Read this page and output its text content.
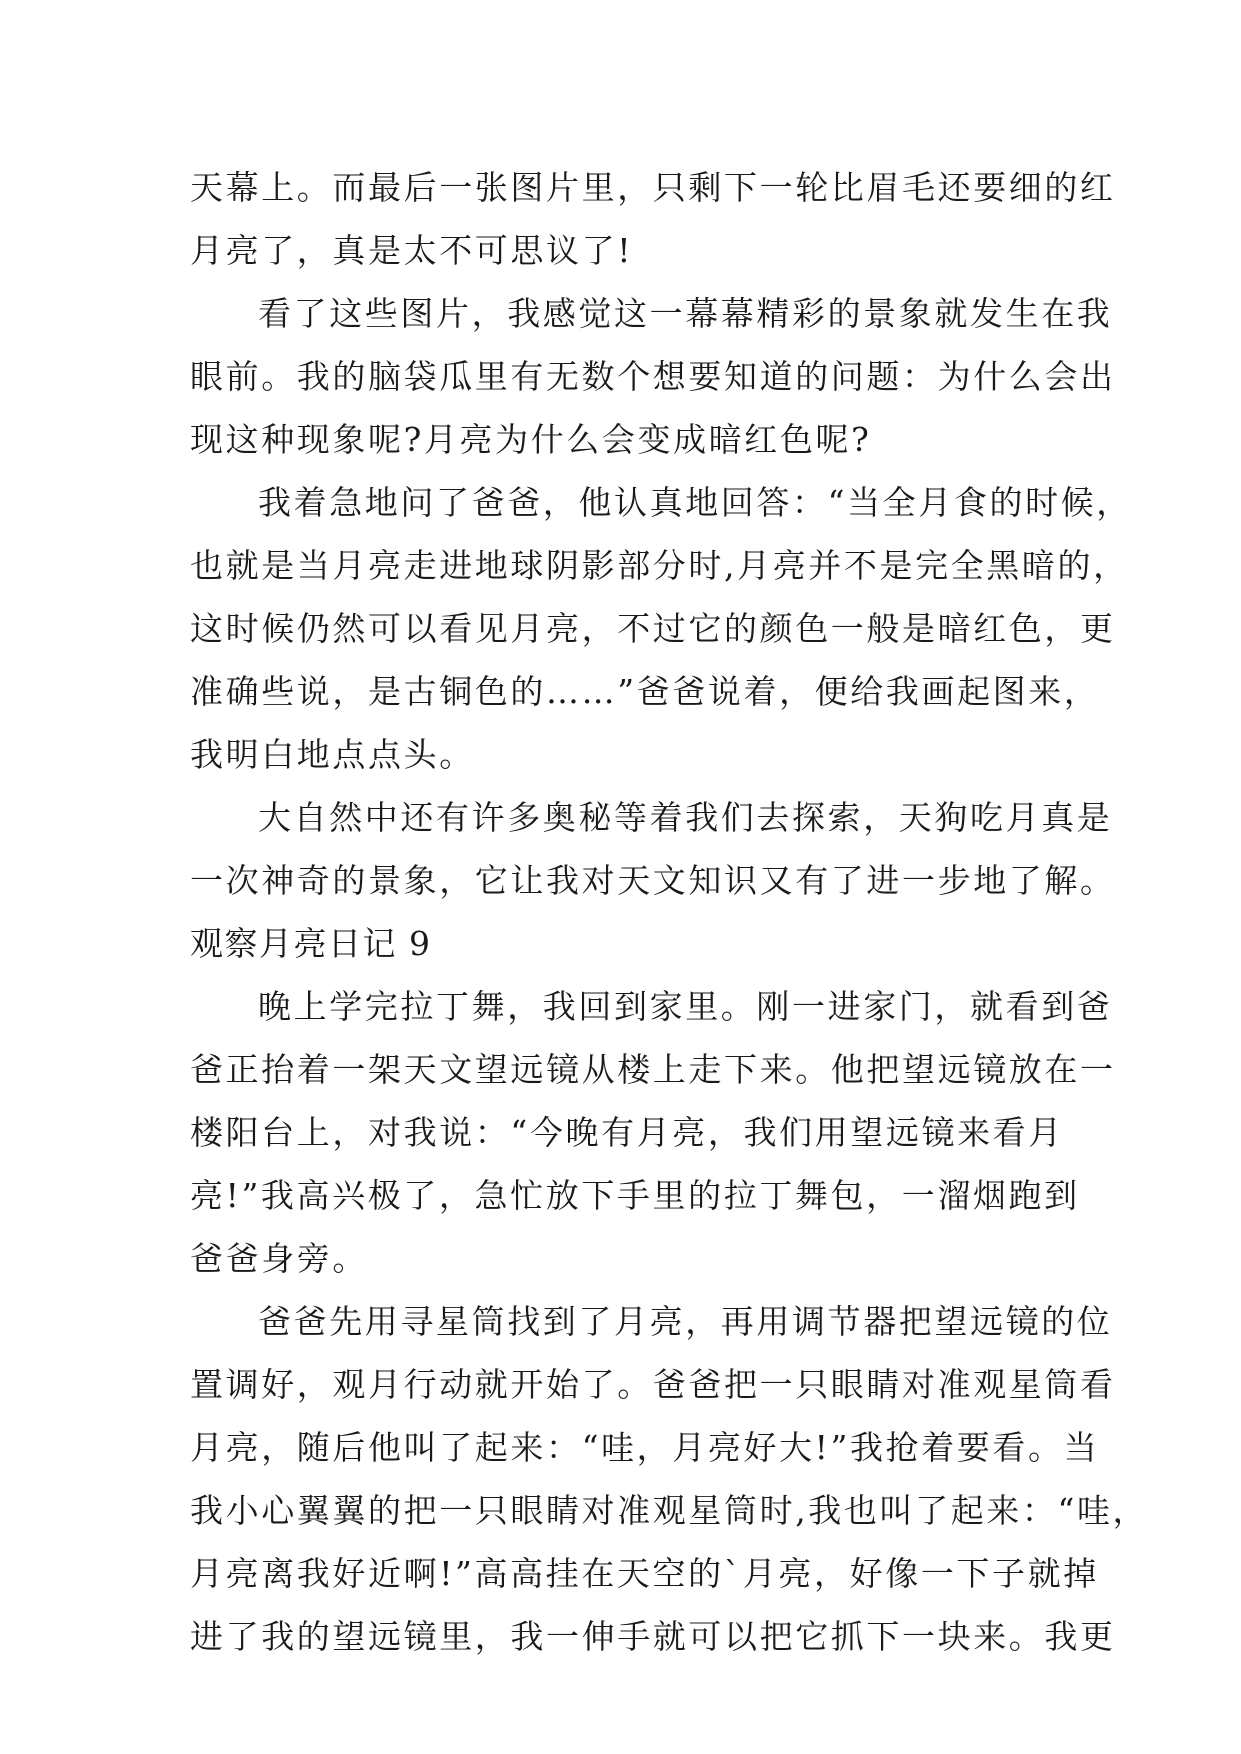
天幕上。而最后一张图片里，只剩下一轮比眉毛还要细的红
月亮了，真是太不可思议了!
看了这些图片，我感觉这一幕幕精彩的景象就发生在我
眼前。我的脑袋瓜里有无数个想要知道的问题：为什么会出
现这种现象呢?月亮为什么会变成暗红色呢?
我着急地问了爸爸，他认真地回答：“当全月食的时候，
也就是当月亮走进地球阴影部分时,月亮并不是完全黑暗的，
这时候仍然可以看见月亮，不过它的颜色一般是暗红色，更
准确些说，是古铜色的……”爸爸说着，便给我画起图来，
我明白地点点头。
大自然中还有许多奥秘等着我们去探索，天狗吃月真是
一次神奇的景象，它让我对天文知识又有了进一步地了解。
观察月亮日记 9
晚上学完拉丁舞，我回到家里。刚一进家门，就看到爸
爸正抬着一架天文望远镜从楼上走下来。他把望远镜放在一
楼阳台上，对我说：“今晚有月亮，我们用望远镜来看月
亮!”我高兴极了，急忙放下手里的拉丁舞包，一溜烟跑到
爸爸身旁。
爸爸先用寻星筒找到了月亮，再用调节器把望远镜的位
置调好，观月行动就开始了。爸爸把一只眼睛对准观星筒看
月亮，随后他叫了起来：“哇，月亮好大!”我抢着要看。当
我小心翼翼的把一只眼睛对准观星筒时,我也叫了起来：“哇，
月亮离我好近啊!”高高挂在天空的`月亮，好像一下子就掉
进了我的望远镜里，我一伸手就可以把它抓下一块来。我更
